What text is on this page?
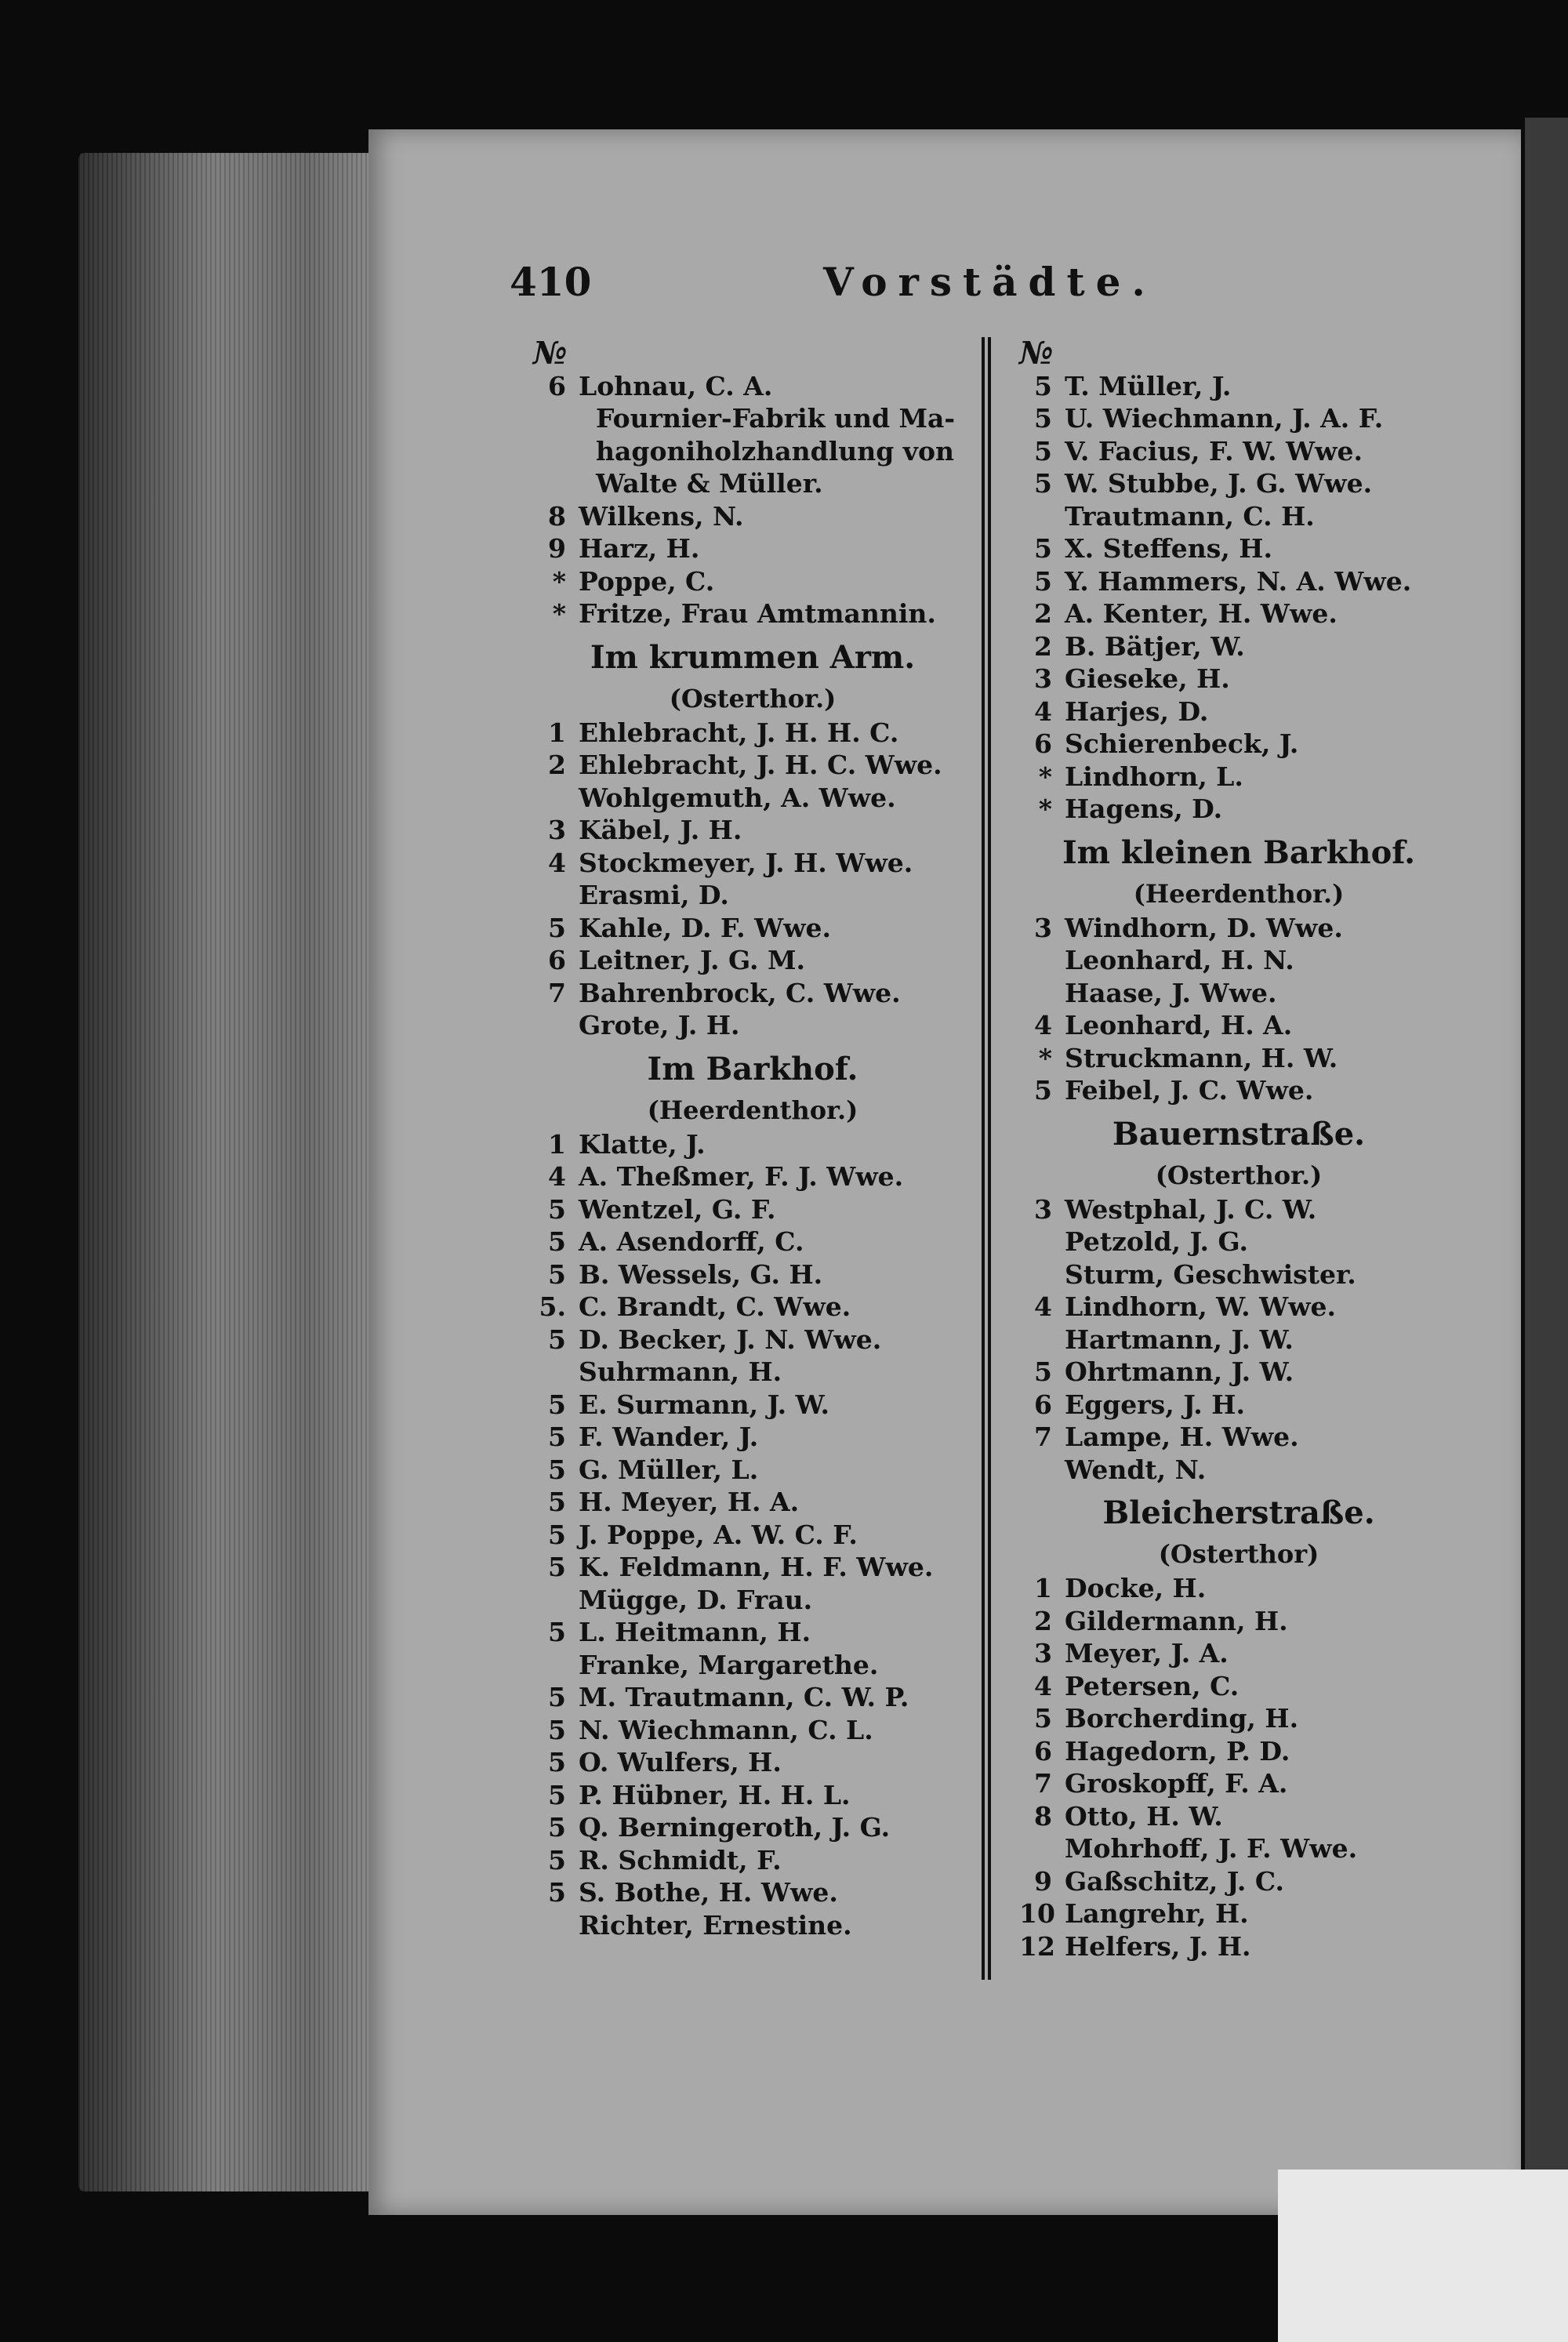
410	Vorstädte.
№
6 Lohnau, C. A.
Fournier-Fabrik und Ma-
hagoniholzhandlung von
Walte & Müller.
8 Wilkens, N.
9 Harz, H.
* Poppe, C.
* Fritze, Frau Amtmannin.
Im krummen Arm.
(Osterthor.)
1 Ehlebracht, J. H. H. C.
2 Ehlebracht, J. H. C. Wwe.
Wohlgemuth, A. Wwe.
3 Käbel, J. H.
4 Stockmeyer, J. H. Wwe.
Erasmi, D.
5 Kahle, D. F. Wwe.
6 Leitner, J. G. M.
7 Bahrenbrock, C. Wwe.
Grote, J. H.
Im Barkhof.
(Heerdenthor.)
1 Klatte, J.
4 A. Theßmer, F. J. Wwe.
5 Wentzel, G. F.
5 A. Asendorff, C.
5 B. Wessels, G. H.
5. C. Brandt, C. Wwe.
5 D. Becker, J. N. Wwe.
Suhrmann, H.
5 E. Surmann, J. W.
5 F. Wander, J.
5 G. Müller, L.
5 H. Meyer, H. A.
5 J. Poppe, A. W. C. F.
5 K. Feldmann, H. F. Wwe.
Mügge, D. Frau.
5 L. Heitmann, H.
Franke, Margarethe.
5 M. Trautmann, C. W. P.
5 N. Wiechmann, C. L.
5 O. Wulfers, H.
5 P. Hübner, H. H. L.
5 Q. Berningeroth, J. G.
5 R. Schmidt, F.
5 S. Bothe, H. Wwe.
Richter, Ernestine.
№
5 T. Müller, J.
5 U. Wiechmann, J. A. F.
5 V. Facius, F. W. Wwe.
5 W. Stubbe, J. G. Wwe.
Trautmann, C. H.
5 X. Steffens, H.
5 Y. Hammers, N. A. Wwe.
2 A. Kenter, H. Wwe.
2 B. Bätjer, W.
3 Gieseke, H.
4 Harjes, D.
6 Schierenbeck, J.
* Lindhorn, L.
* Hagens, D.
Im kleinen Barkhof.
(Heerdenthor.)
3 Windhorn, D. Wwe.
Leonhard, H. N.
Haase, J. Wwe.
4 Leonhard, H. A.
* Struckmann, H. W.
5 Feibel, J. C. Wwe.
Bauernstraße.
(Osterthor.)
3 Westphal, J. C. W.
Petzold, J. G.
Sturm, Geschwister.
4 Lindhorn, W. Wwe.
Hartmann, J. W.
5 Ohrtmann, J. W.
6 Eggers, J. H.
7 Lampe, H. Wwe.
Wendt, N.
Bleicherstraße.
(Osterthor)
1 Docke, H.
2 Gildermann, H.
3 Meyer, J. A.
4 Petersen, C.
5 Borcherding, H.
6 Hagedorn, P. D.
7 Groskopff, F. A.
8 Otto, H. W.
Mohrhoff, J. F. Wwe.
9 Gaßschitz, J. C.
10 Langrehr, H.
12 Helfers, J. H.
